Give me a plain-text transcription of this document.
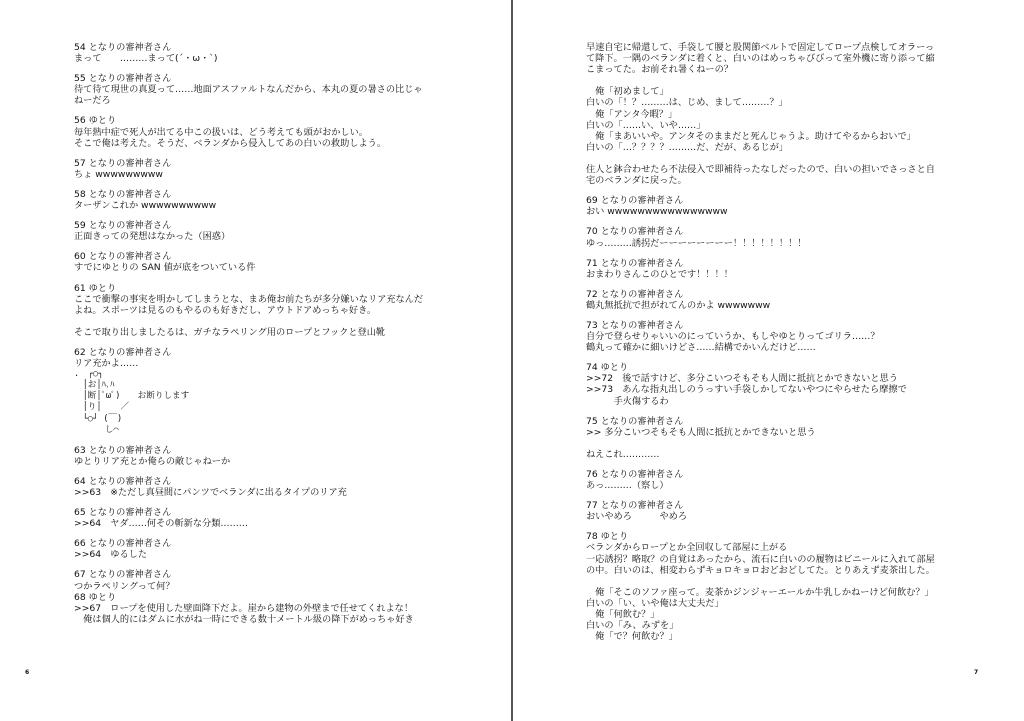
54 となりの審神者さん
まって　　………まって(´・ω・`)
55 となりの審神者さん
待て待て現世の真夏って……地面アスファルトなんだから、本丸の夏の暑さの比じゃ
ねーだろ
56 ゆとり
毎年熱中症で死人が出てる中この扱いは、どう考えても頭がおかしい。
そこで俺は考えた。そうだ、ベランダから侵入してあの白いの救助しよう。
57 となりの審神者さん
ちょ wwwwwwwww
58 となりの審神者さん
ターザンこれか wwwwwwwwww
59 となりの審神者さん
正面きっての発想はなかった（困惑）
60 となりの審神者さん
すでにゆとりの SAN 値が底をついている件
61 ゆとり
ここで衝撃の事実を明かしてしまうとな、まあ俺お前たちが多分嫌いなリア充なんだ
よね。スポーツは見るのもやるのも好きだし、アウトドアめっちゃ好き。
そこで取り出しましたるは、ガチなラペリング用のロープとフックと登山靴
62 となりの審神者さん
リア充かよ……
.　┌○┐
　│お│ﾊ､ﾊ
　│断│ﾟωﾟ)　　お断りします
　│り│ 　 ／
　└○┘ (￣)
　　　 し⌒
63 となりの審神者さん
ゆとりリア充とか俺らの敵じゃねーか
64 となりの審神者さん
>>63　※ただし真昼間にパンツでベランダに出るタイプのリア充
65 となりの審神者さん
>>64　ヤダ……何その斬新な分類………
66 となりの審神者さん
>>64　ゆるした
67 となりの審神者さん
つかラペリングって何？
68 ゆとり
>>67　ロープを使用した壁面降下だよ。崖から建物の外壁まで任せてくれよな！
　俺は個人的にはダムに水がね一時にできる数十メートル級の降下がめっちゃ好き
6
早速自宅に帰還して、手袋して腰と股関節ベルトで固定してロープ点検してオラーっ
て降下。一隅のベランダに着くと、白いのはめっちゃびびって室外機に寄り添って縮
こまってた。お前それ暑くねーの？
　俺「初めまして」
白いの「！？………は、じめ、まして………？」
　俺「アンタ今暇？」
白いの「……い、いや……」
　俺「まあいいや。アンタそのままだと死んじゃうよ。助けてやるからおいで」
白いの「…？？？？………だ、だが、あるじが」
住人と鉢合わせたら不法侵入で即補待ったなしだったので、白いの担いでさっさと自
宅のベランダに戻った。
69 となりの審神者さん
おい wwwwwwwwwwwwwwww
70 となりの審神者さん
ゆっ………誘拐だーーーーーーーー！！！！！！！！
71 となりの審神者さん
おまわりさんこのひとです！！！！
72 となりの審神者さん
鶴丸無抵抗で担がれてんのかよ wwwwwww
73 となりの審神者さん
自分で登らせりゃいいのにっていうか、もしやゆとりってゴリラ……？
鶴丸って確かに細いけどさ……結構でかいんだけど……
74 ゆとり
>>72　後で話すけど、多分こいつそもそも人間に抵抗とかできないと思う
>>73　あんな指丸出しのうっすい手袋しかしてないやつにやらせたら摩擦で
　　　手火傷するわ
75 となりの審神者さん
>> 多分こいつそもそも人間に抵抗とかできないと思う
ねえこれ…………
76 となりの審神者さん
あっ………（察し）
77 となりの審神者さん
おいやめろ　　　やめろ
78 ゆとり
ベランダからロープとか全回収して部屋に上がる
一応誘拐？略取？の自覚はあったから、流石に白いのの履物はビニールに入れて部屋
の中。白いのは、相変わらずキョロキョロおどおどしてた。とりあえず麦茶出した。
　俺「そこのソファ座って。麦茶かジンジャーエールか牛乳しかねーけど何飲む？」
白いの「い、いや俺は大丈夫だ」
　俺「何飲む？」
白いの「み、みずを」
　俺「で？何飲む？」
7
